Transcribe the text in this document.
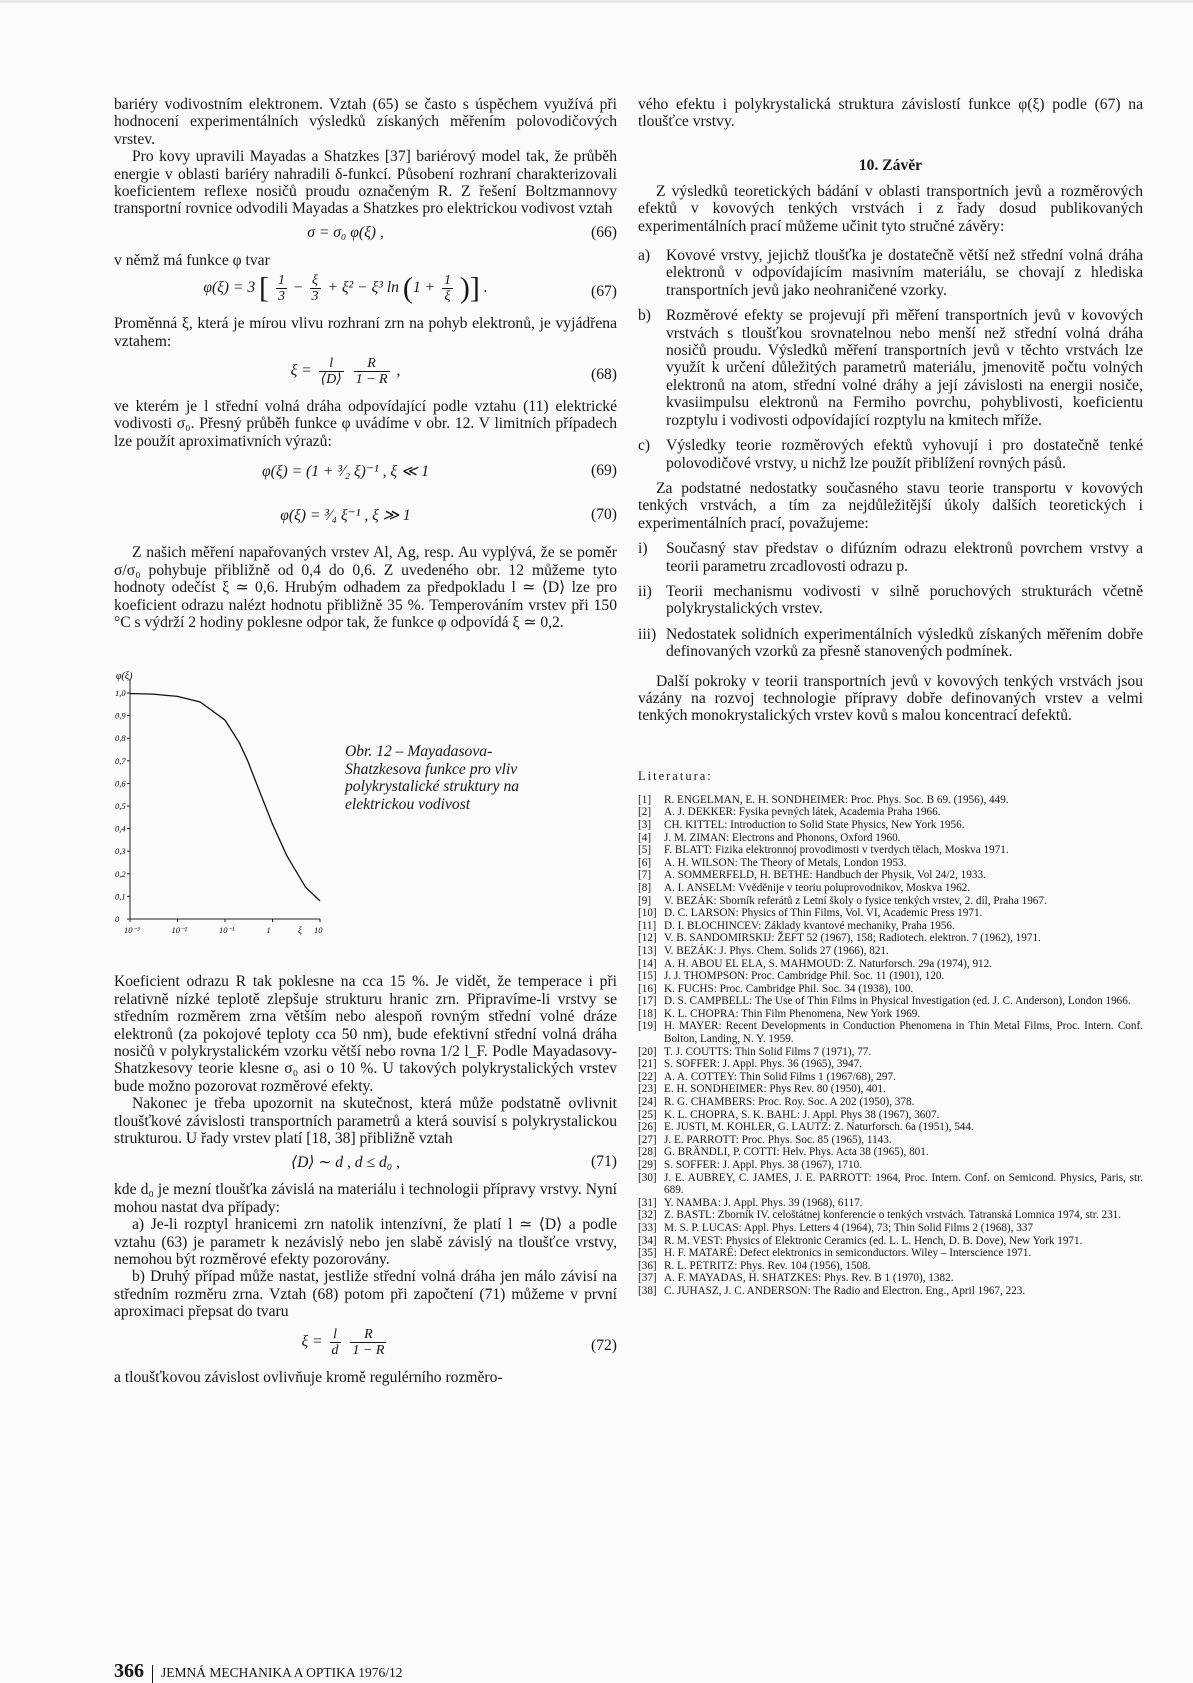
bariéry vodivostním elektronem. Vztah (65) se často s úspěchem využívá při hodnocení experimentálních výsledků získaných měřením polovodičových vrstev.

Pro kovy upravili Mayadas a Shatzkes [37] bariérový model tak, že průběh energie v oblasti bariéry nahradili δ-funkcí. Působení rozhraní charakterizovali koeficientem reflexe nosičů proudu označeným R. Z řešení Boltzmannovy transportní rovnice odvodili Mayadas a Shatzkes pro elektrickou vodivost vztah

σ = σ₀ φ(ξ) ,	(66)

v němž má funkce φ tvar

φ(ξ) = 3 [ $\frac{1}{3} - \frac{\xi}{3} + \xi^2 - \xi^3$ $\ln (1 + \frac{1}{\xi}$ )] .	(67)

Proměnná ξ, která je mírou vlivu rozhraní zrn na pohyb elektronů, je vyjádřena vztahem:

$\xi = \frac{l}{⟨D⟩}$
$\frac{R}{1 - R}$ ,	(68)

ve kterém je l střední volná dráha odpovídající podle vztahu (11) elektrické vodivosti σ₀. Přesný průběh funkce φ uvádíme v obr. 12. V limitních případech lze použít aproximativních výrazů:

φ(ξ) = (1 + ³⁄₂ ξ)⁻¹ , ξ ≪ 1	(69)
φ(ξ) = ³⁄₄ ξ⁻¹ , ξ ≫ 1	(70)

Z našich měření napařovaných vrstev Al, Ag, resp. Au vyplývá, že se poměr σ/σ₀ pohybuje přibližně od 0,4 do 0,6. Z uvedeného obr. 12 můžeme tyto hodnoty odečíst ξ ≃ 0,6. Hrubým odhadem za předpokladu l ≃ ⟨D⟩ lze pro koeficient odrazu nalézt hodnotu přibližně 35 %. Temperováním vrstev při 150 °C s výdrží 2 hodiny poklesne odpor tak, že funkce φ odpovídá ξ ≃ 0,2.

φ(ξ)
0
0,1
0,2
0,3
0,4
0,5
0,6
0,7
0,8
0,9
1,0
10⁻³	10⁻²	10⁻¹	1	10
ξ
Obr. 12 – Mayadasova-Shatzkesova funkce pro vliv polykrystalické struktury na elektrickou vodivost

Koeficient odrazu R tak poklesne na cca 15 %. Je vidět, že temperace i při relativně nízké teplotě zlepšuje strukturu hranic zrn. Připravíme-li vrstvy se středním rozměrem zrna větším nebo alespoň rovným střední volné dráze elektronů (za pokojové teploty cca 50 nm), bude efektivní střední volná dráha nosičů v polykrystalickém vzorku větší nebo rovna 1/2 l_F. Podle Mayadasovy-Shatzkesovy teorie klesne σ₀ asi o 10 %. U takových polykrystalických vrstev bude možno pozorovat rozměrové efekty.

Nakonec je třeba upozornit na skutečnost, která může podstatně ovlivnit tloušťkové závislosti transportních parametrů a která souvisí s polykrystalickou strukturou. U řady vrstev platí [18, 38] přibližně vztah

⟨D⟩ ∼ d , d ≤ d₀ ,	(71)

kde d₀ je mezní tloušťka závislá na materiálu i technologii přípravy vrstvy. Nyní mohou nastat dva případy:

a) Je-li rozptyl hranicemi zrn natolik intenzívní, že platí l ≃ ⟨D⟩ a podle vztahu (63) je parametr k nezávislý nebo jen slabě závislý na tloušťce vrstvy, nemohou být rozměrové efekty pozorovány.

b) Druhý případ může nastat, jestliže střední volná dráha jen málo závisí na středním rozměru zrna. Vztah (68) potom při započtení (71) můžeme v první aproximaci přepsat do tvaru

$\xi = \frac{l}{d}$
$\frac{R}{1 - R}$	(72)

a tloušťkovou závislost ovlivňuje kromě regulérního rozměro-

vého efektu i polykrystalická struktura závislostí funkce φ(ξ) podle (67) na tloušťce vrstvy.

10. Závěr

Z výsledků teoretických bádání v oblasti transportních jevů a rozměrových efektů v kovových tenkých vrstvách i z řady dosud publikovaných experimentálních prací můžeme učinit tyto stručné závěry:

a)	Kovové vrstvy, jejichž tloušťka je dostatečně větší než střední volná dráha elektronů v odpovídajícím masivním materiálu, se chovají z hlediska transportních jevů jako neohraničené vzorky.
b) Rozměrové efekty se projevují při měření transportních jevů v kovových vrstvách s tloušťkou srovnatelnou nebo menší než střední volná dráha nosičů proudu. Výsledků měření transportních jevů v těchto vrstvách lze využít k určení důležitých parametrů materiálu, jmenovitě počtu volných elektronů na atom, střední volné dráhy a její závislosti na energii nosiče, kvasiimpulsu elektronů na Fermiho povrchu, pohyblivosti, koeficientu rozptylu i vodivosti odpovídající rozptylu na kmitech mříže.
c)	Výsledky teorie rozměrových efektů vyhovují i pro dostatečně tenké polovodičové vrstvy, u nichž lze použít přiblížení rovných pásů.

Za podstatné nedostatky současného stavu teorie transportu v kovových tenkých vrstvách, a tím za nejdůležitější úkoly dalších teoretických i experimentálních prací, považujeme:

i)	Současný stav představ o difúzním odrazu elektronů povrchem vrstvy a teorii parametru zrcadlovosti odrazu p.
ii) Teorii mechanismu vodivosti v silně poruchových strukturách včetně polykrystalických vrstev.
iii) Nedostatek solidních experimentálních výsledků získaných měřením dobře definovaných vzorků za přesně stanovených podmínek.

Další pokroky v teorii transportních jevů v kovových tenkých vrstvách jsou vázány na rozvoj technologie přípravy dobře definovaných vrstev a velmi tenkých monokrystalických vrstev kovů s malou koncentrací defektů.

Literatura:
[1]	R. ENGELMAN, E. H. SONDHEIMER: Proc. Phys. Soc. B 69. (1956), 449.
[2]	A. J. DEKKER: Fysika pevných látek, Academia Praha 1966.
[3]	CH. KITTEL: Introduction to Solid State Physics, New York 1956.
[4]	J. M. ZIMAN: Electrons and Phonons, Oxford 1960.
[5]	F. BLATT: Fizika elektronnoj provodimosti v tverdych tělach, Moskva 1971.
[6]	A. H. WILSON: The Theory of Metals, London 1953.
[7]	A. SOMMERFELD, H. BETHE: Handbuch der Physik, Vol 24/2, 1933.
[8]	A. I. ANSELM: Vvěděnije v teoriu poluprovodnikov, Moskva 1962.
[9]	V. BEZÁK: Sborník referátů z Letní školy o fysice tenkých vrstev, 2. díl, Praha 1967.
[10] D. C. LARSON: Physics of Thin Films, Vol. VI, Academic Press 1971.
[11] D. I. BLOCHINCEV: Základy kvantové mechaniky, Praha 1956.
[12] V. B. SANDOMIRSKIJ: ŽEFT 52 (1967), 158; Radiotech. elektron. 7 (1962), 1971.
[13] V. BEZÁK: J. Phys. Chem. Solids 27 (1966), 821.
[14] A. H. ABOU EL ELA, S. MAHMOUD: Z. Naturforsch. 29a (1974), 912.
[15] J. J. THOMPSON: Proc. Cambridge Phil. Soc. 11 (1901), 120.
[16] K. FUCHS: Proc. Cambridge Phil. Soc. 34 (1938), 100.
[17] D. S. CAMPBELL: The Use of Thin Films in Physical Investigation (ed. J. C. Anderson), London 1966.
[18] K. L. CHOPRA: Thin Film Phenomena, New York 1969.
[19] H. MAYER: Recent Developments in Conduction Phenomena in Thin Metal Films, Proc. Intern. Conf. Bolton, Landing, N. Y. 1959.
[20] T. J. COUTTS: Thin Solid Films 7 (1971), 77.
[21] S. SOFFER: J. Appl. Phys. 36 (1965), 3947.
[22] A. A. COTTEY: Thin Solid Films 1 (1967/68), 297.
[23] E. H. SONDHEIMER: Phys Rev. 80 (1950), 401.
[24] R. G. CHAMBERS: Proc. Roy. Soc. A 202 (1950), 378.
[25] K. L. CHOPRA, S. K. BAHL: J. Appl. Phys 38 (1967), 3607.
[26] E. JUSTI, M. KOHLER, G. LAUTZ: Z. Naturforsch. 6a (1951), 544.
[27] J. E. PARROTT: Proc. Phys. Soc. 85 (1965), 1143.
[28] G. BRÄNDLI, P. COTTI: Helv. Phys. Acta 38 (1965), 801.
[29] S. SOFFER: J. Appl. Phys. 38 (1967), 1710.
[30] J. E. AUBREY, C. JAMES, J. E. PARROTT: 1964, Proc. Intern. Conf. on Semicond. Physics, Paris, str. 689.
[31] Y. NAMBA: J. Appl. Phys. 39 (1968), 6117.
[32] Z. BASTL: Zborník IV. celoštátnej konferencie o tenkých vrstvách. Tatranská Lomnica 1974, str. 231.
[33] M. S. P. LUCAS: Appl. Phys. Letters 4 (1964), 73; Thin Solid Films 2 (1968), 337
[34] R. M. VEST: Physics of Elektronic Ceramics (ed. L. L. Hench, D. B. Dove), New York 1971.
[35] H. F. MATARÉ: Defect elektronics in semiconductors. Wiley – Interscience 1971.
[36] R. L. PETRITZ: Phys. Rev. 104 (1956), 1508.
[37] A. F. MAYADAS, H. SHATZKES: Phys. Rev. B 1 (1970), 1382.
[38] C. JUHASZ, J. C. ANDERSON: The Radio and Electron. Eng., April 1967, 223.
366 JEMNÁ MECHANIKA A OPTIKA 1976/12
